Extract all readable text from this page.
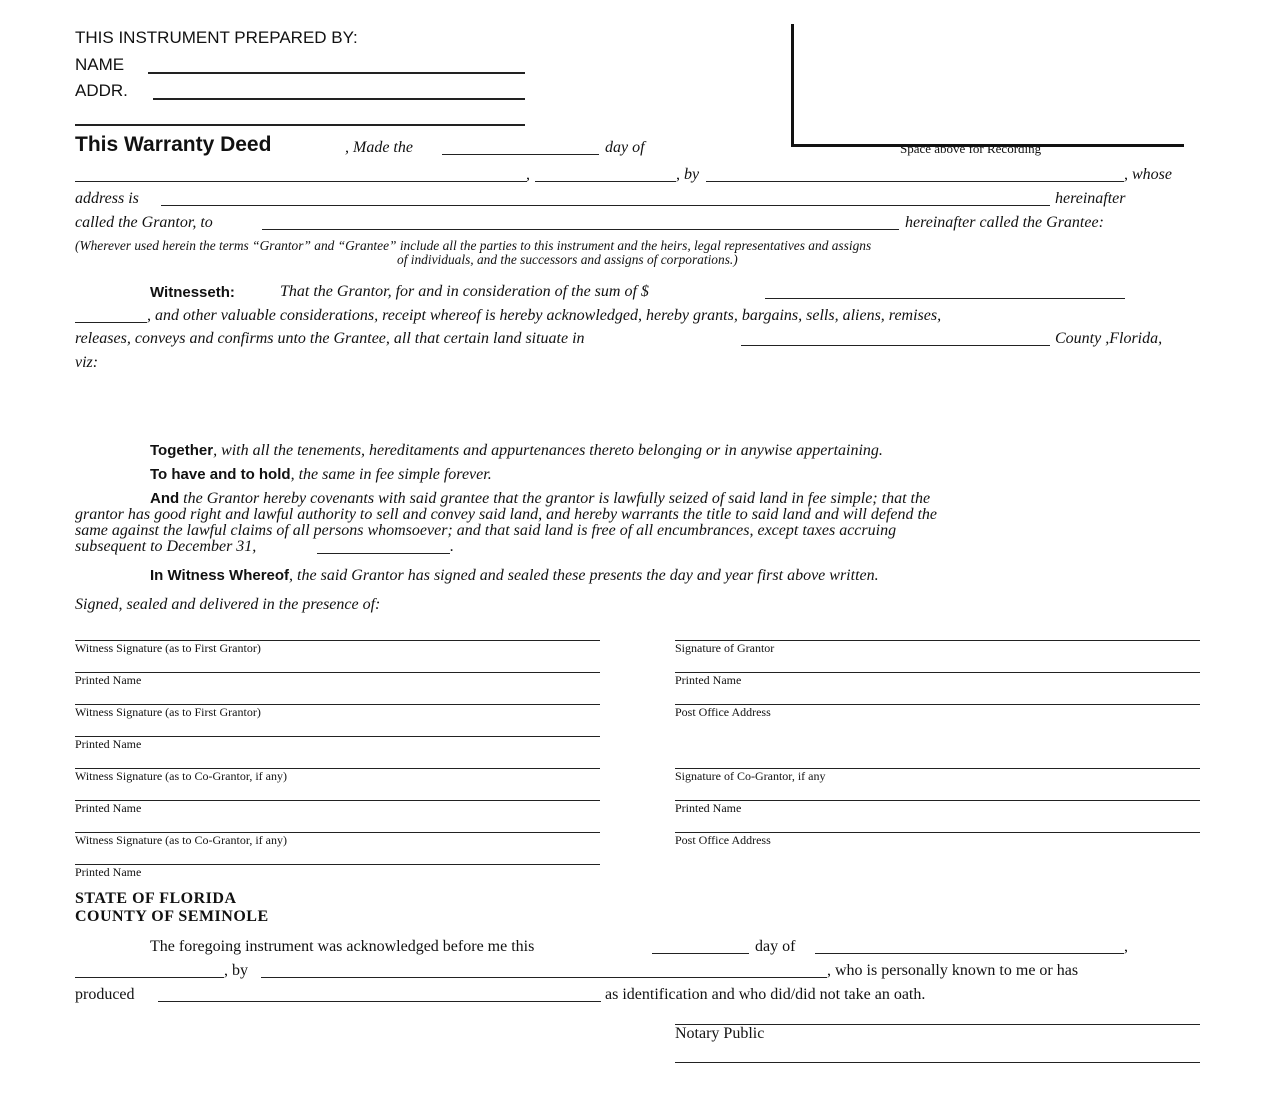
THIS INSTRUMENT PREPARED BY:
NAME
ADDR.
Space above for Recording
This Warranty Deed	, Made the	day of
,	, by	, whose
address is	hereinafter
called the Grantor, to	hereinafter called the Grantee:
(Wherever used herein the terms “Grantor” and “Grantee” include all the parties to this instrument and the heirs, legal representatives and assigns
of individuals, and the successors and assigns of corporations.)
Witnesseth:	That the Grantor, for and in consideration of the sum of $
, and other valuable considerations, receipt whereof is hereby acknowledged, hereby grants, bargains, sells, aliens, remises,
releases, conveys and confirms unto the Grantee, all that certain land situate in	County ,Florida,
viz:
Together, with all the tenements, hereditaments and appurtenances thereto belonging or in anywise appertaining.
To have and to hold, the same in fee simple forever.
And the Grantor hereby covenants with said grantee that the grantor is lawfully seized of said land in fee simple; that the
grantor has good right and lawful authority to sell and convey said land, and hereby warrants the title to said land and will defend the
same against the lawful claims of all persons whomsoever; and that said land is free of all encumbrances, except taxes accruing
subsequent to December 31,	.
In Witness Whereof, the said Grantor has signed and sealed these presents the day and year first above written.
Signed, sealed and delivered in the presence of:
Witness Signature (as to First Grantor)
Printed Name
Witness Signature (as to First Grantor)
Printed Name
Witness Signature (as to Co-Grantor, if any)
Printed Name
Witness Signature (as to Co-Grantor, if any)
Printed Name
Signature of Grantor
Printed Name
Post Office Address
Signature of Co-Grantor, if any
Printed Name
Post Office Address
STATE OF FLORIDA
COUNTY OF SEMINOLE
The foregoing instrument was acknowledged before me this	day of	,
, by	, who is personally known to me or has
produced	as identification and who did/did not take an oath.
Notary Public
